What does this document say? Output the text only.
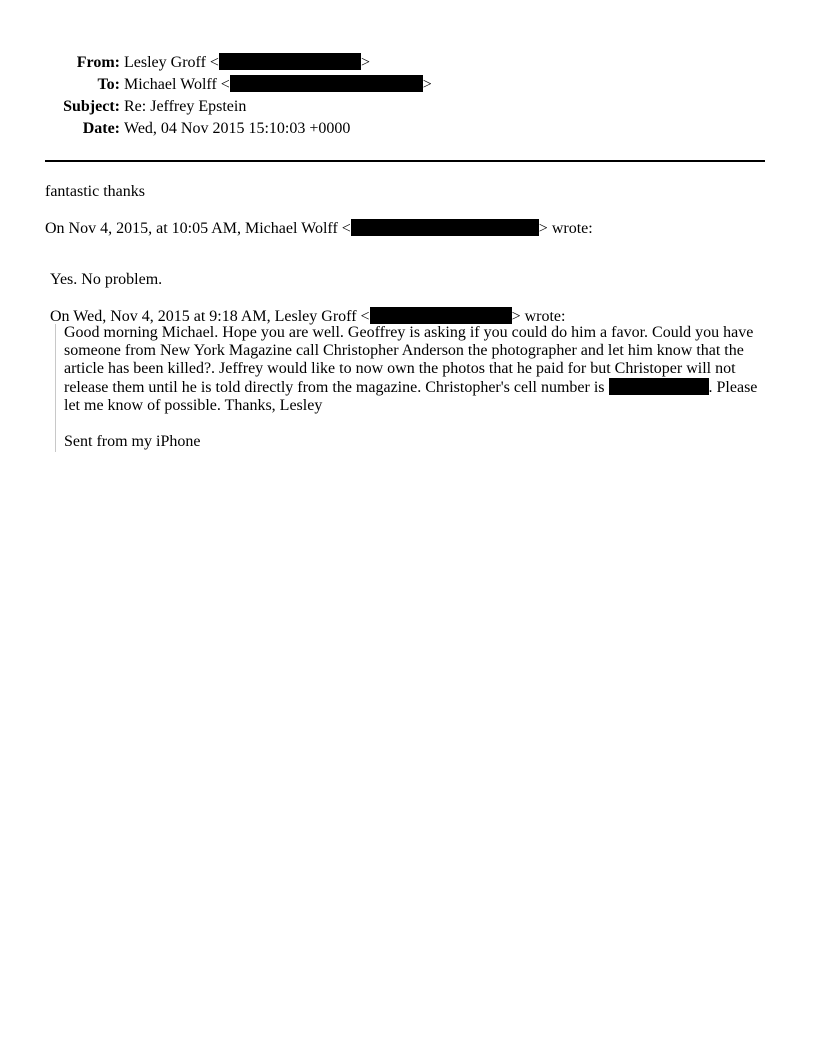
From: Lesley Groff <	>
To: Michael Wolff <	>
Subject: Re: Jeffrey Epstein
Date: Wed, 04 Nov 2015 15:10:03 +0000
fantastic thanks
On Nov 4, 2015, at 10:05 AM, Michael Wolff <	> wrote:
Yes. No problem.
On Wed, Nov 4, 2015 at 9:18 AM, Lesley Groff <	> wrote:
Good morning Michael. Hope you are well. Geoffrey is asking if you could do him a favor. Could you have
someone from New York Magazine call Christopher Anderson the photographer and let him know that the
article has been killed?. Jeffrey would like to now own the photos that he paid for but Christoper will not
release them until he is told directly from the magazine. Christopher's cell number is	. Please
let me know of possible. Thanks, Lesley
Sent from my iPhone
